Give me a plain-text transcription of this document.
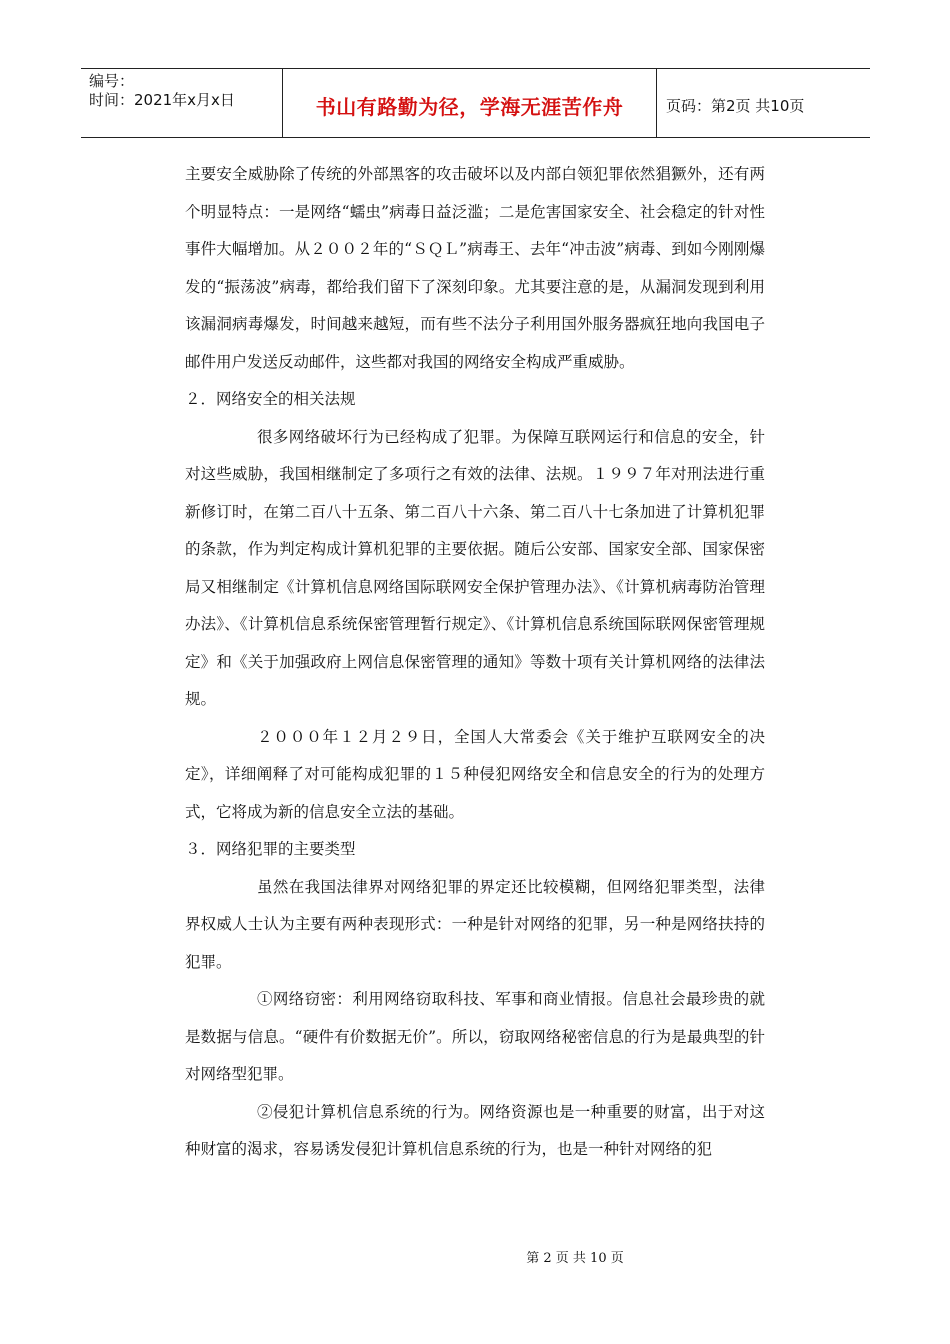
编号：
时间：2021年x月x日	书山有路勤为径，学海无涯苦作舟	页码：第2页 共10页

主要安全威胁除了传统的外部黑客的攻击破坏以及内部白领犯罪依然猖獗外，还有两个明显特点：一是网络“蠕虫”病毒日益泛滥；二是危害国家安全、社会稳定的针对性事件大幅增加。从２００２年的“ＳＱＬ”病毒王、去年“冲击波”病毒、到如今刚刚爆发的“振荡波”病毒，都给我们留下了深刻印象。尤其要注意的是，从漏洞发现到利用该漏洞病毒爆发，时间越来越短，而有些不法分子利用国外服务器疯狂地向我国电子邮件用户发送反动邮件，这些都对我国的网络安全构成严重威胁。

２．网络安全的相关法规

很多网络破坏行为已经构成了犯罪。为保障互联网运行和信息的安全，针对这些威胁，我国相继制定了多项行之有效的法律、法规。１９９７年对刑法进行重新修订时，在第二百八十五条、第二百八十六条、第二百八十七条加进了计算机犯罪的条款，作为判定构成计算机犯罪的主要依据。随后公安部、国家安全部、国家保密局又相继制定《计算机信息网络国际联网安全保护管理办法》、《计算机病毒防治管理办法》、《计算机信息系统保密管理暂行规定》、《计算机信息系统国际联网保密管理规定》和《关于加强政府上网信息保密管理的通知》等数十项有关计算机网络的法律法规。

２０００年１２月２９日，全国人大常委会《关于维护互联网安全的决定》，详细阐释了对可能构成犯罪的１５种侵犯网络安全和信息安全的行为的处理方式，它将成为新的信息安全立法的基础。

３．网络犯罪的主要类型

虽然在我国法律界对网络犯罪的界定还比较模糊，但网络犯罪类型，法律界权威人士认为主要有两种表现形式：一种是针对网络的犯罪，另一种是网络扶持的犯罪。

①网络窃密：利用网络窃取科技、军事和商业情报。信息社会最珍贵的就是数据与信息。“硬件有价数据无价”。所以，窃取网络秘密信息的行为是最典型的针对网络型犯罪。

②侵犯计算机信息系统的行为。网络资源也是一种重要的财富，出于对这种财富的渴求，容易诱发侵犯计算机信息系统的行为，也是一种针对网络的犯

第 2 页 共 10 页
